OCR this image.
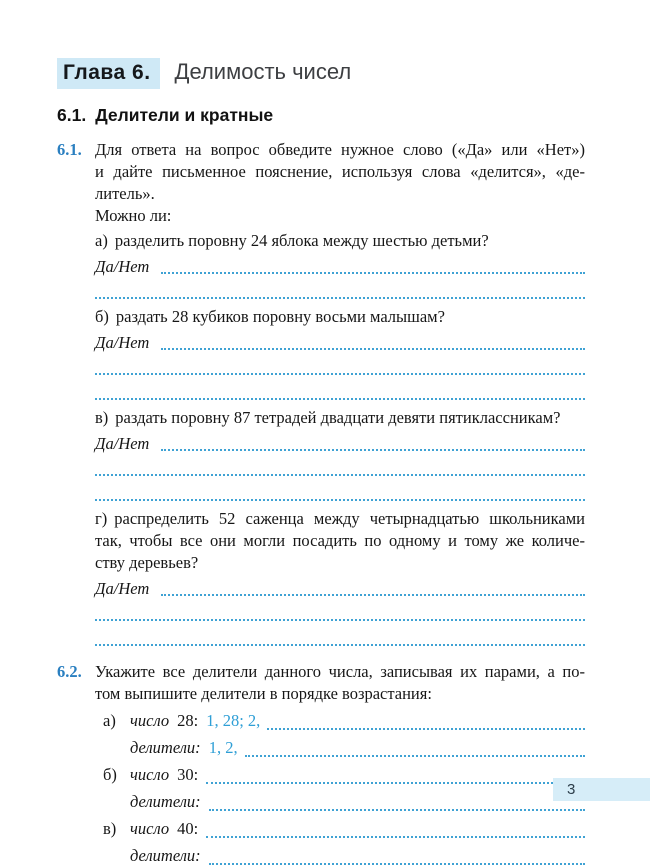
Глава 6.	Делимость чисел
6.1. Делители и кратные
6.1. Для ответа на вопрос обведите нужное слово («Да» или «Нет»)
и дайте письменное пояснение, используя слова «делится», «де-
литель».
Можно ли:
а) разделить поровну 24 яблока между шестью детьми?
Да/Нет
б) раздать 28 кубиков поровну восьми малышам?
Да/Нет
в) раздать поровну 87 тетрадей двадцати девяти пятиклассникам?
Да/Нет
г) распределить 52 саженца между четырнадцатью школьниками
так, чтобы все они могли посадить по одному и тому же количе-
ству деревьев?
Да/Нет
6.2. Укажите все делители данного числа, записывая их парами, а по-
том выпишите делители в порядке возрастания:
а) число 28: 1, 28; 2,
делители: 1, 2,
б) число 30:
делители:
в) число 40:
делители:
3
